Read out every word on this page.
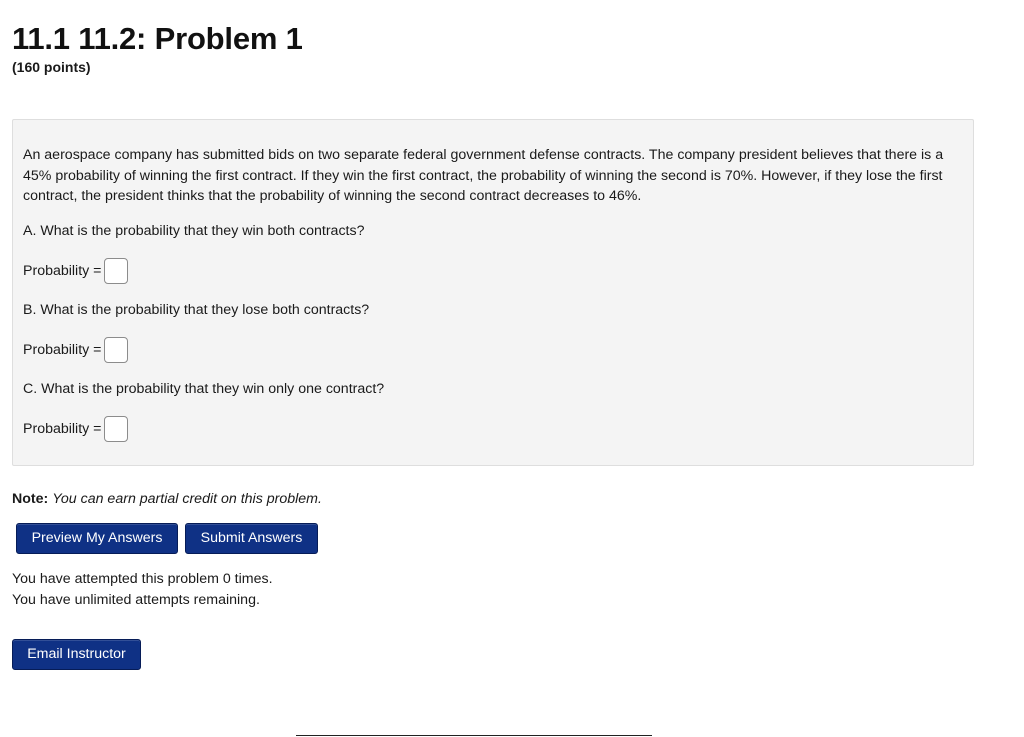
11.1 11.2: Problem 1
(160 points)

An aerospace company has submitted bids on two separate federal government defense contracts. The company president believes that there is a 45% probability of winning the first contract. If they win the first contract, the probability of winning the second is 70%. However, if they lose the first contract, the president thinks that the probability of winning the second contract decreases to 46%.

A. What is the probability that they win both contracts?

Probability =

B. What is the probability that they lose both contracts?

Probability =

C. What is the probability that they win only one contract?

Probability =
Note: You can earn partial credit on this problem.
Preview My Answers	Submit Answers
You have attempted this problem 0 times.
You have unlimited attempts remaining.
Email Instructor
